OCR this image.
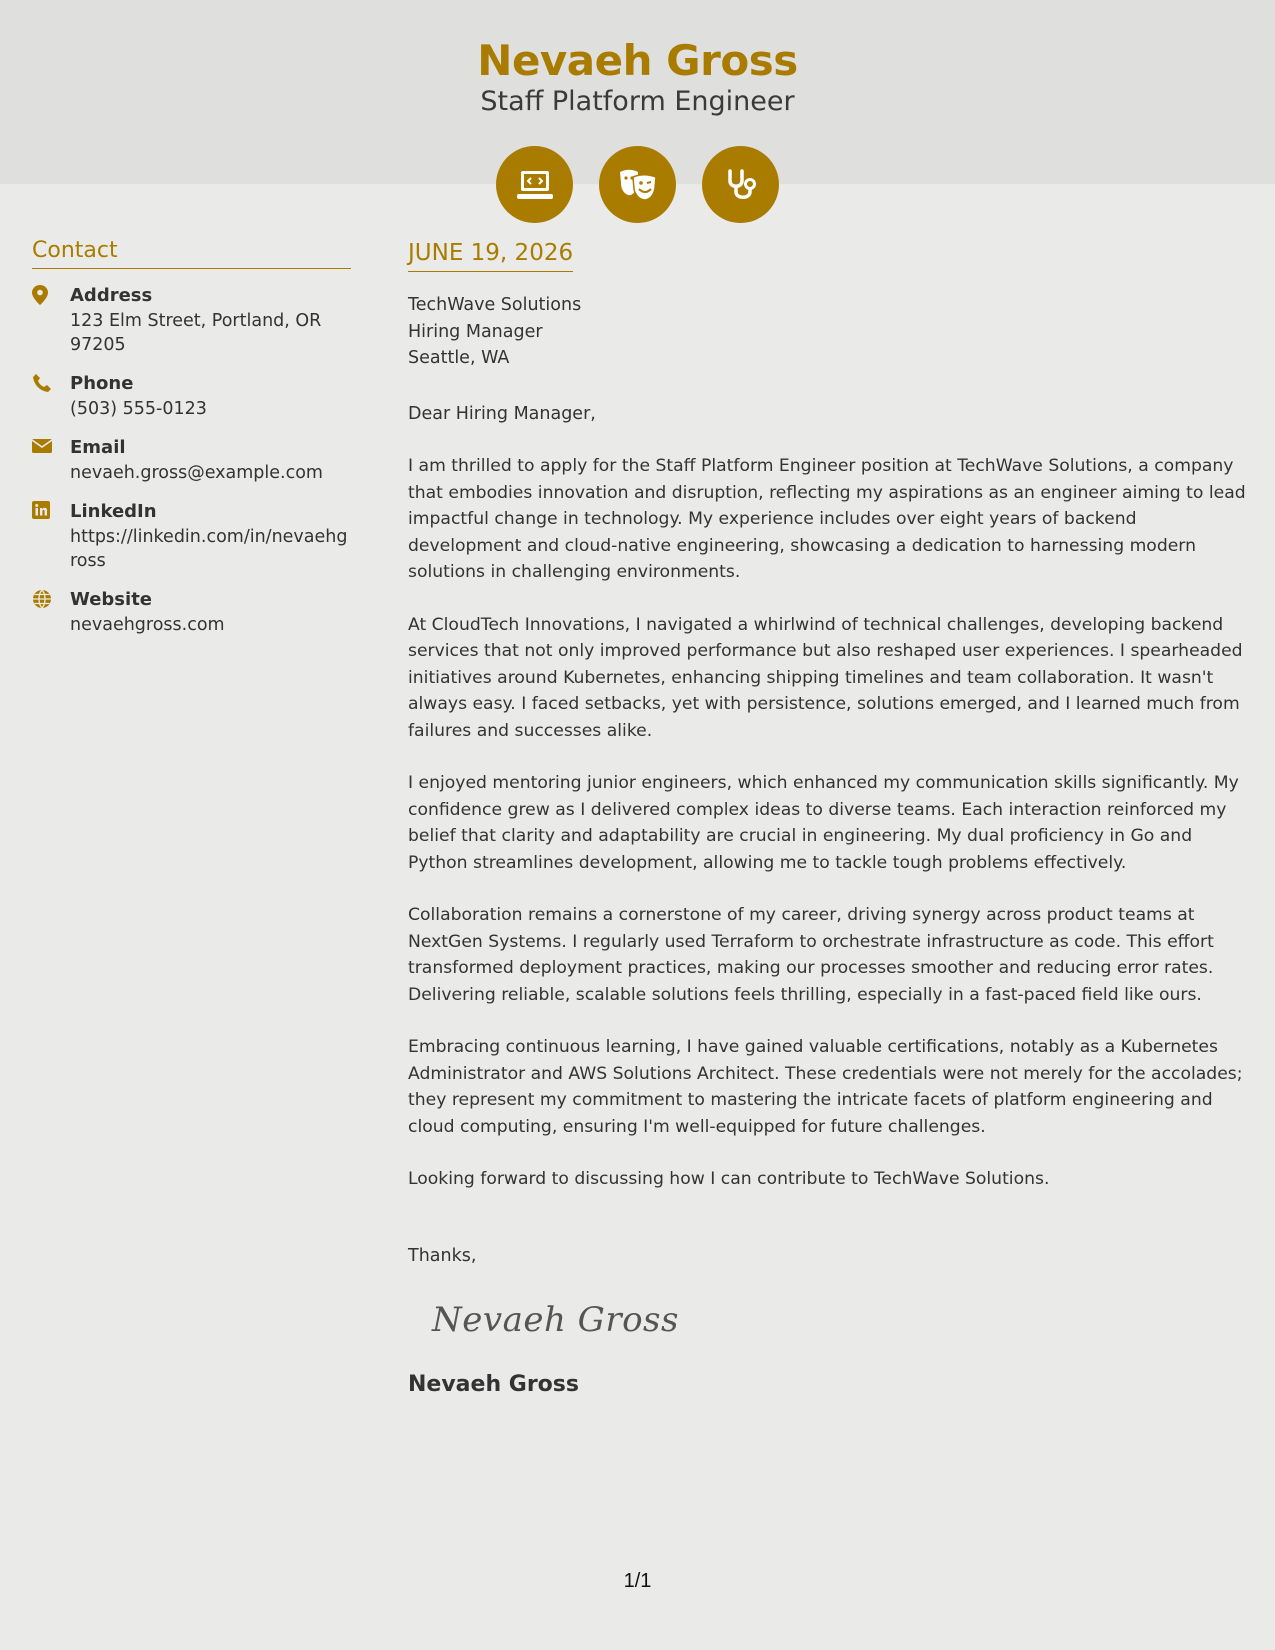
Nevaeh Gross
Staff Platform Engineer
Contact
Address
123 Elm Street, Portland, OR 97205
Phone
(503) 555-0123
Email
nevaeh.gross@example.com
LinkedIn
https://linkedin.com/in/nevaehgross
Website
nevaehgross.com
JUNE 19, 2026
TechWave Solutions
Hiring Manager
Seattle, WA
Dear Hiring Manager,
I am thrilled to apply for the Staff Platform Engineer position at TechWave Solutions, a company that embodies innovation and disruption, reflecting my aspirations as an engineer aiming to lead impactful change in technology. My experience includes over eight years of backend development and cloud-native engineering, showcasing a dedication to harnessing modern solutions in challenging environments.
At CloudTech Innovations, I navigated a whirlwind of technical challenges, developing backend services that not only improved performance but also reshaped user experiences. I spearheaded initiatives around Kubernetes, enhancing shipping timelines and team collaboration. It wasn't always easy. I faced setbacks, yet with persistence, solutions emerged, and I learned much from failures and successes alike.
I enjoyed mentoring junior engineers, which enhanced my communication skills significantly. My confidence grew as I delivered complex ideas to diverse teams. Each interaction reinforced my belief that clarity and adaptability are crucial in engineering. My dual proficiency in Go and Python streamlines development, allowing me to tackle tough problems effectively.
Collaboration remains a cornerstone of my career, driving synergy across product teams at NextGen Systems. I regularly used Terraform to orchestrate infrastructure as code. This effort transformed deployment practices, making our processes smoother and reducing error rates. Delivering reliable, scalable solutions feels thrilling, especially in a fast-paced field like ours.
Embracing continuous learning, I have gained valuable certifications, notably as a Kubernetes Administrator and AWS Solutions Architect. These credentials were not merely for the accolades; they represent my commitment to mastering the intricate facets of platform engineering and cloud computing, ensuring I'm well-equipped for future challenges.
Looking forward to discussing how I can contribute to TechWave Solutions.
Thanks,
Nevaeh Gross
Nevaeh Gross
1/1
